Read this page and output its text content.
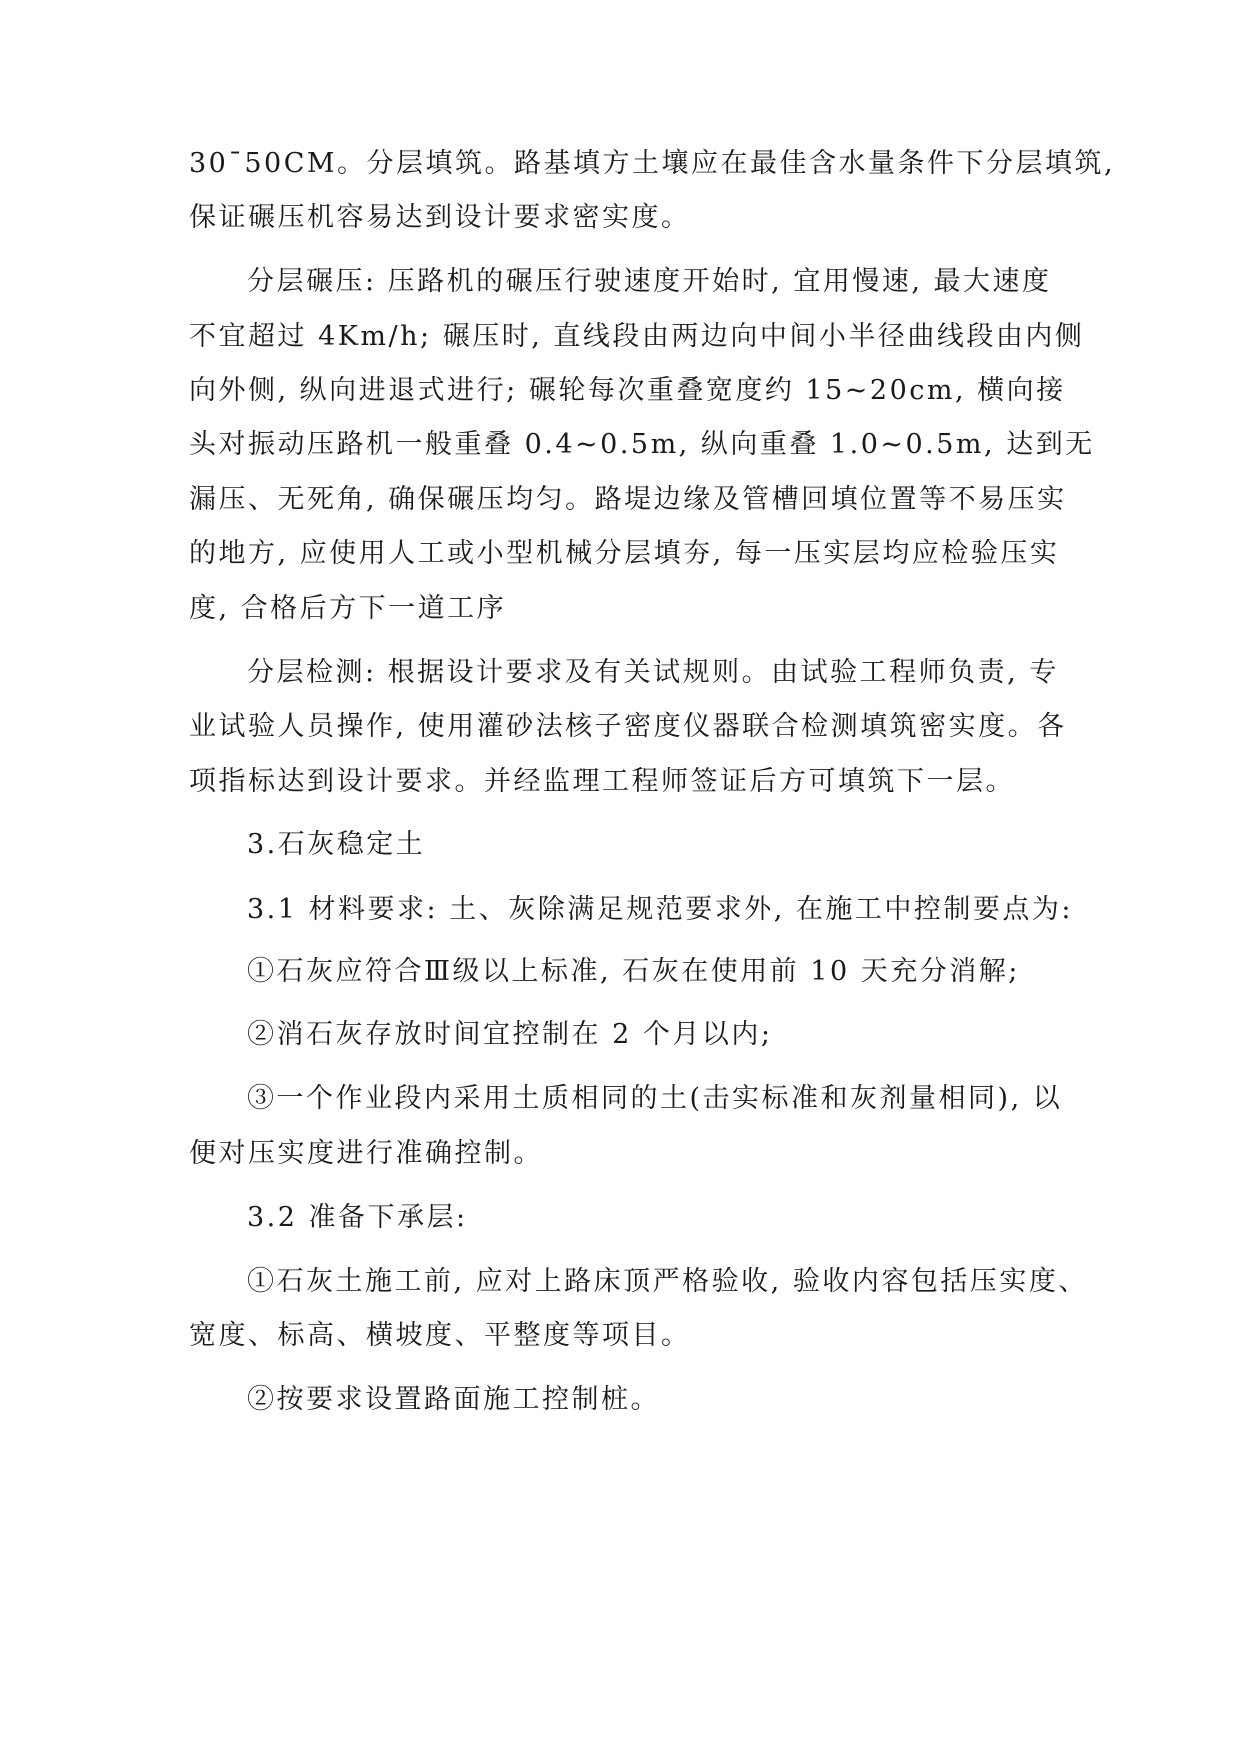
30¯50CM。分层填筑。路基填方土壤应在最佳含水量条件下分层填筑,
保证碾压机容易达到设计要求密实度。
分层碾压: 压路机的碾压行驶速度开始时, 宜用慢速, 最大速度
不宜超过 4Km/h; 碾压时, 直线段由两边向中间小半径曲线段由内侧
向外侧, 纵向进退式进行; 碾轮每次重叠宽度约 15~20cm, 横向接
头对振动压路机一般重叠 0.4~0.5m, 纵向重叠 1.0~0.5m, 达到无
漏压、无死角, 确保碾压均匀。路堤边缘及管槽回填位置等不易压实
的地方, 应使用人工或小型机械分层填夯, 每一压实层均应检验压实
度, 合格后方下一道工序
分层检测: 根据设计要求及有关试规则。由试验工程师负责, 专
业试验人员操作, 使用灌砂法核子密度仪器联合检测填筑密实度。各
项指标达到设计要求。并经监理工程师签证后方可填筑下一层。
3.石灰稳定土
3.1 材料要求: 土、灰除满足规范要求外, 在施工中控制要点为:
①石灰应符合Ⅲ级以上标准, 石灰在使用前 10 天充分消解;
②消石灰存放时间宜控制在 2 个月以内;
③一个作业段内采用土质相同的土(击实标准和灰剂量相同), 以
便对压实度进行准确控制。
3.2 准备下承层:
①石灰土施工前, 应对上路床顶严格验收, 验收内容包括压实度、
宽度、标高、横坡度、平整度等项目。
②按要求设置路面施工控制桩。
